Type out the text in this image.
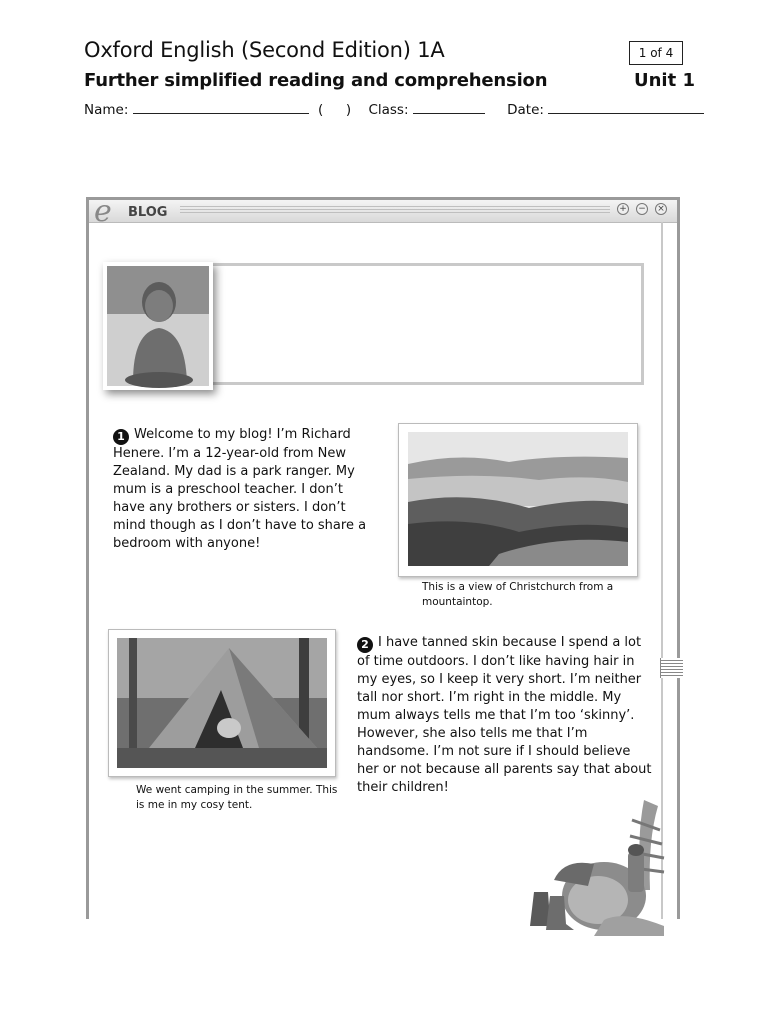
Oxford English (Second Edition) 1A	1 of 4
Further simplified reading and comprehension	Unit 1
Name:	( ) Class:	Date:
e BLOG	+ − ×
1 Welcome to my blog! I’m Richard Henere. I’m a 12-year-old from New Zealand. My dad is a park ranger. My mum is a preschool teacher. I don’t have any brothers or sisters. I don’t mind though as I don’t have to share a bedroom with anyone!
This is a view of Christchurch from a mountaintop.
We went camping in the summer. This is me in my cosy tent.
2 I have tanned skin because I spend a lot of time outdoors. I don’t like having hair in my eyes, so I keep it very short. I’m neither tall nor short. I’m right in the middle. My mum always tells me that I’m too ‘skinny’. However, she also tells me that I’m handsome. I’m not sure if I should believe her or not because all parents say that about their children!
